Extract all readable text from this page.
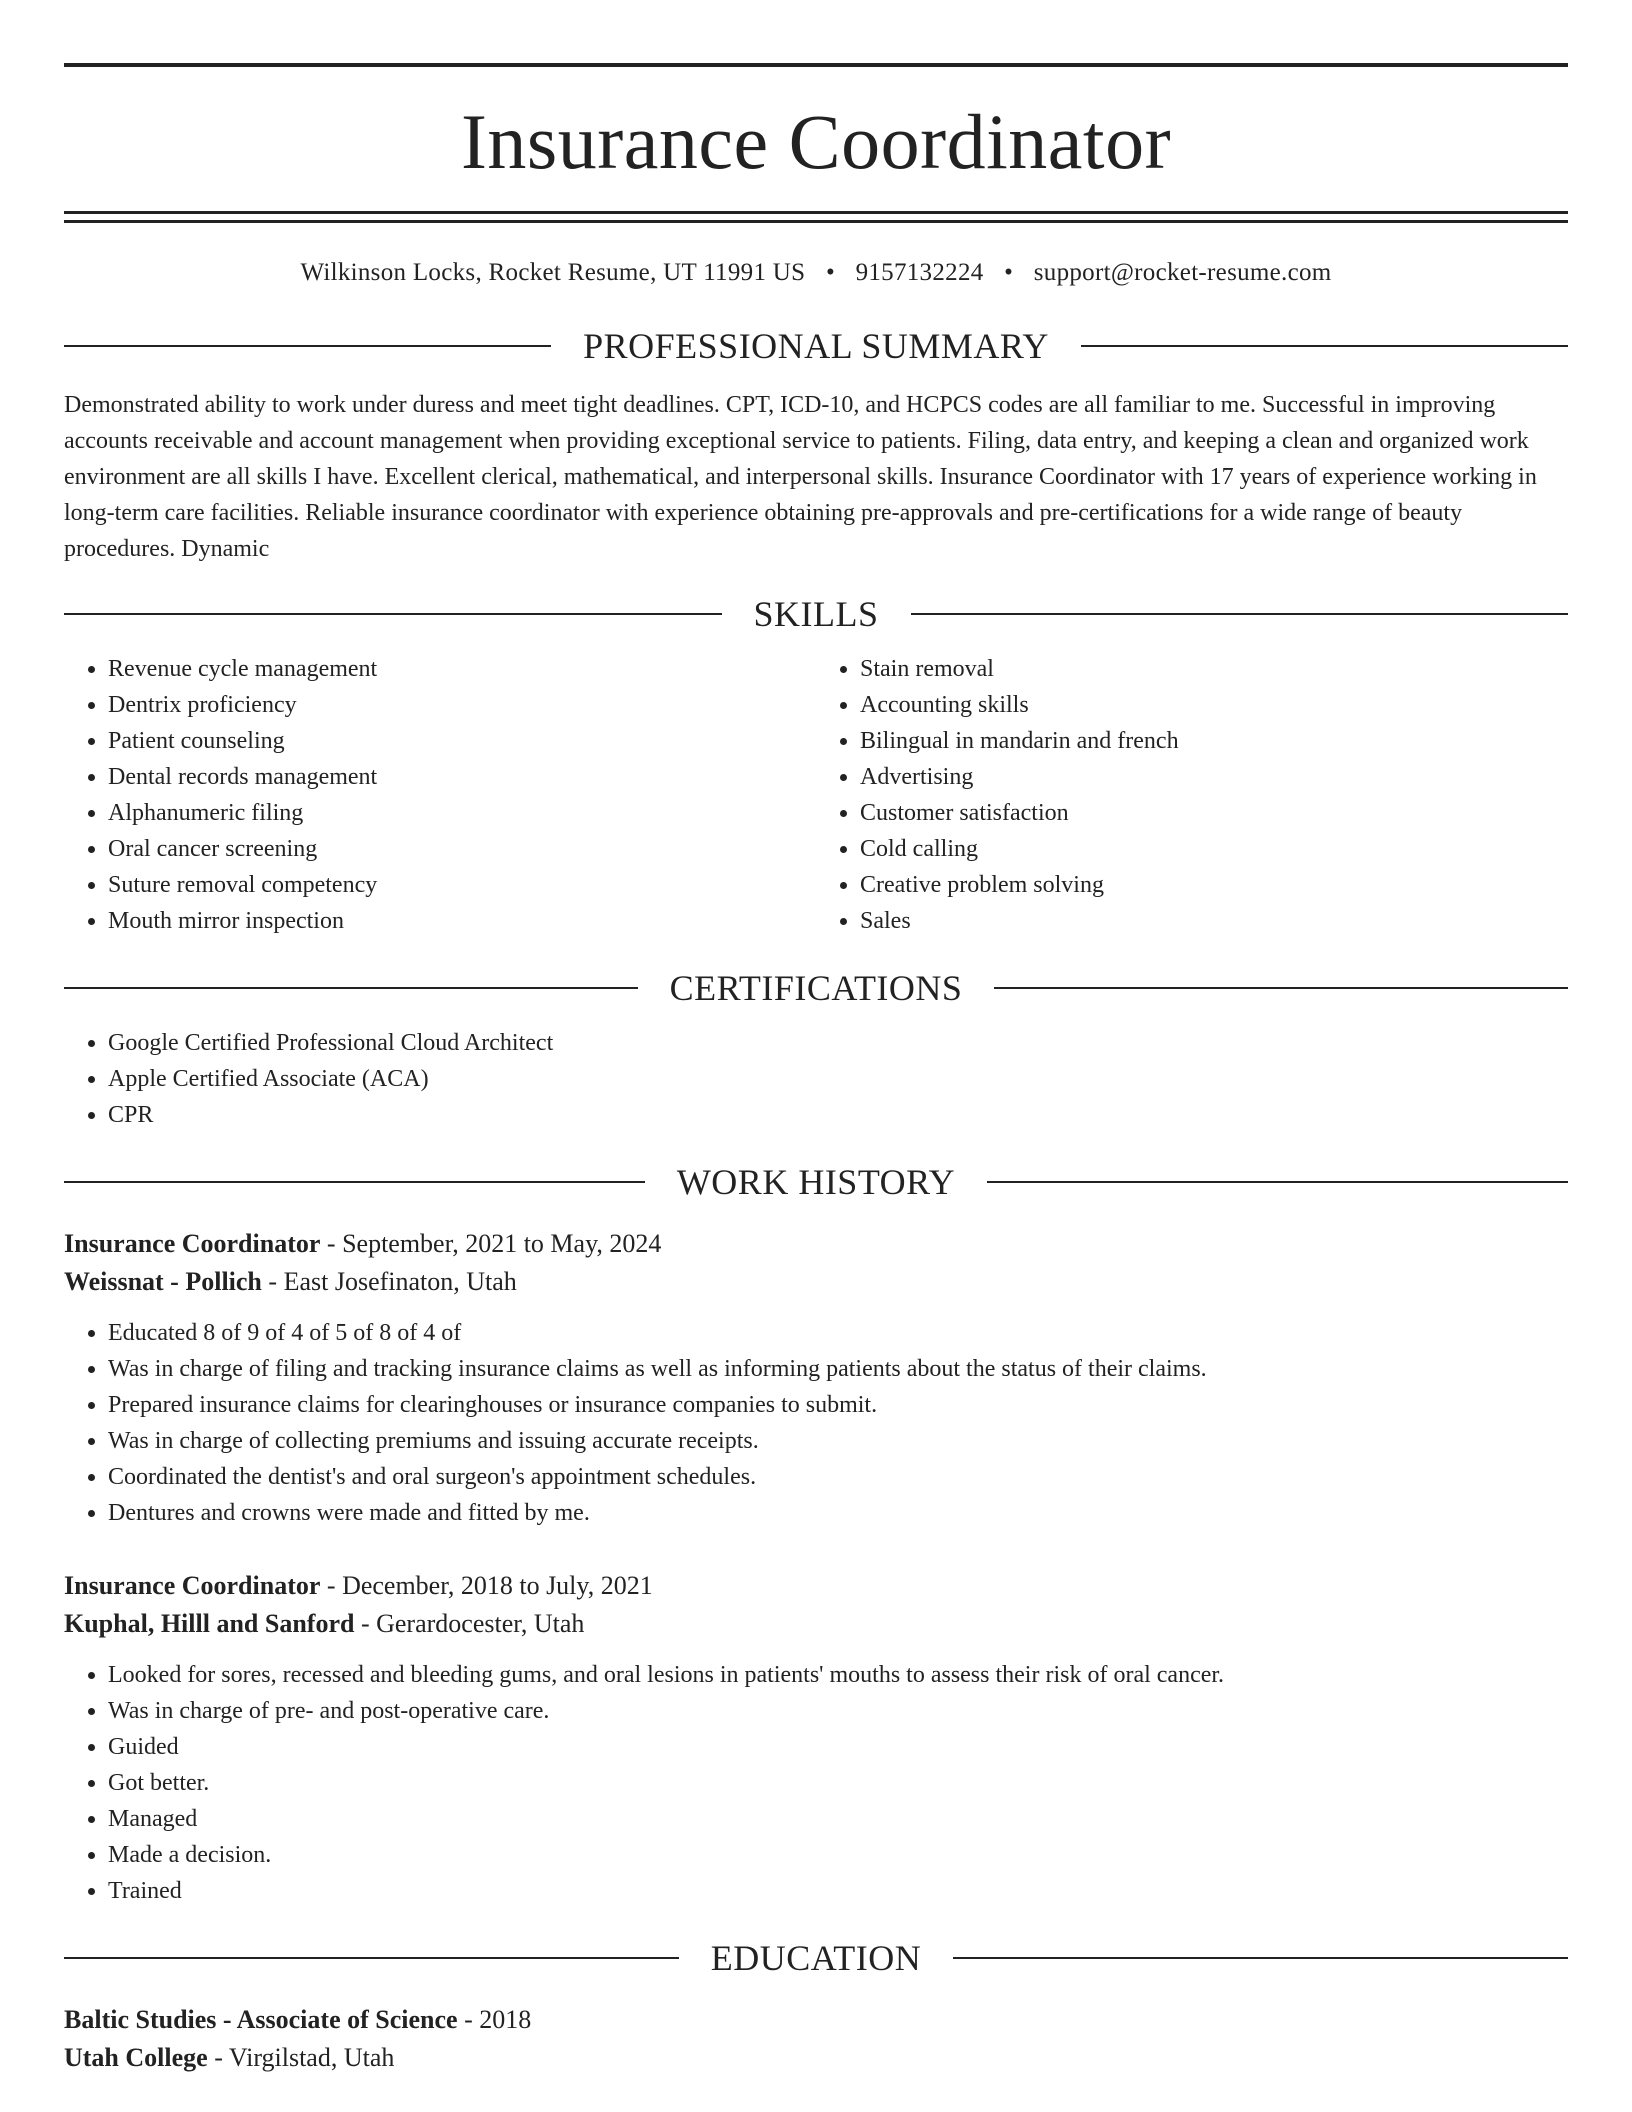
Insurance Coordinator
Wilkinson Locks, Rocket Resume, UT 11991 US • 9157132224 • support@rocket-resume.com
PROFESSIONAL SUMMARY

Demonstrated ability to work under duress and meet tight deadlines. CPT, ICD-10, and HCPCS codes are all familiar to me. Successful in improving accounts receivable and account management when providing exceptional service to patients. Filing, data entry, and keeping a clean and organized work environment are all skills I have. Excellent clerical, mathematical, and interpersonal skills. Insurance Coordinator with 17 years of experience working in long-term care facilities. Reliable insurance coordinator with experience obtaining pre-approvals and pre-certifications for a wide range of beauty procedures. Dynamic

SKILLS
• Revenue cycle management
• Dentrix proficiency
• Patient counseling
• Dental records management
• Alphanumeric filing
• Oral cancer screening
• Suture removal competency
• Mouth mirror inspection
• Stain removal
• Accounting skills
• Bilingual in mandarin and french
• Advertising
• Customer satisfaction
• Cold calling
• Creative problem solving
• Sales
CERTIFICATIONS
• Google Certified Professional Cloud Architect
• Apple Certified Associate (ACA)
• CPR
WORK HISTORY
Insurance Coordinator - September, 2021 to May, 2024
Weissnat - Pollich - East Josefinaton, Utah
• Educated 8 of 9 of 4 of 5 of 8 of 4 of
• Was in charge of filing and tracking insurance claims as well as informing patients about the status of their claims.
• Prepared insurance claims for clearinghouses or insurance companies to submit.
• Was in charge of collecting premiums and issuing accurate receipts.
• Coordinated the dentist's and oral surgeon's appointment schedules.
• Dentures and crowns were made and fitted by me.
Insurance Coordinator - December, 2018 to July, 2021
Kuphal, Hilll and Sanford - Gerardocester, Utah
• Looked for sores, recessed and bleeding gums, and oral lesions in patients' mouths to assess their risk of oral cancer.
• Was in charge of pre- and post-operative care.
• Guided
• Got better.
• Managed
• Made a decision.
• Trained
EDUCATION
Baltic Studies - Associate of Science - 2018
Utah College - Virgilstad, Utah
